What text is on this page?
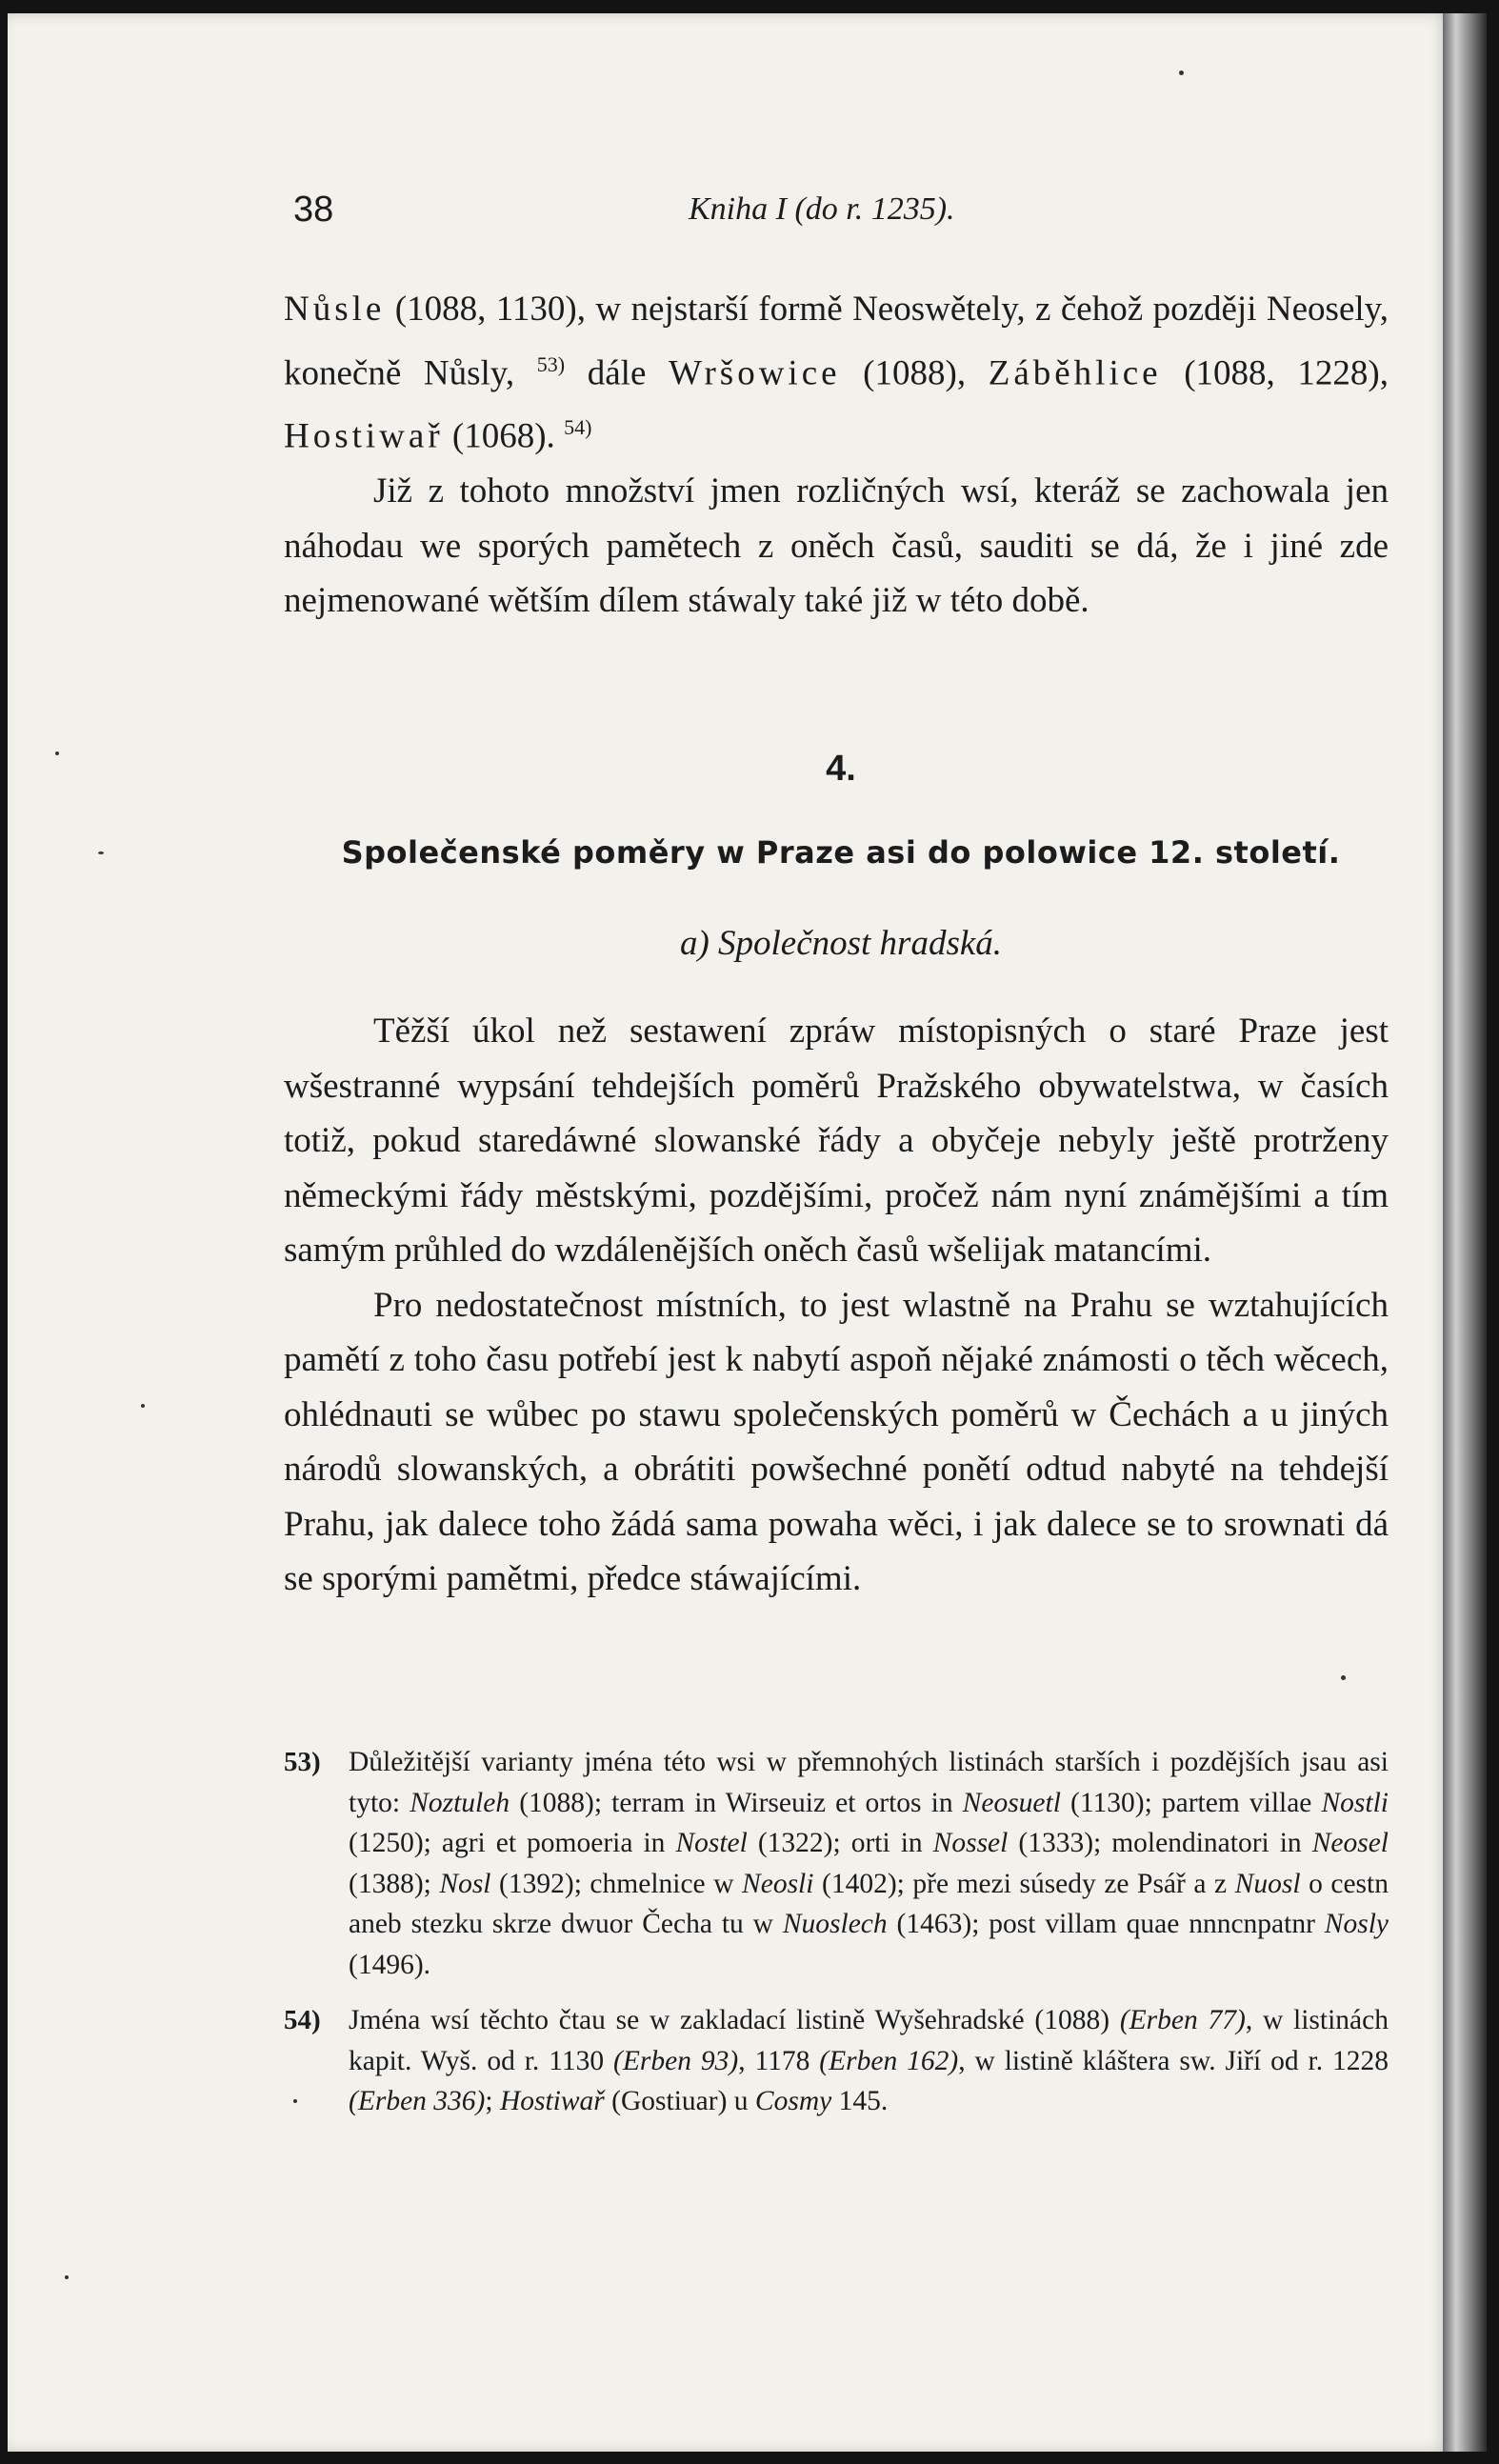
38	Kniha I (do r. 1235).

Nůsle (1088, 1130), w nejstarší formě Neoswětely, z čehož později Neosely, konečně Nůsly, $^{53)}$ dále Wršowice (1088), Záběhlice (1088, 1228), Hostiwař (1068). $^{54)}$

Již z tohoto množství jmen rozličných wsí, kteráž se zachowala jen náhodau we sporých pamětech z oněch časů, sauditi se dá, že i jiné zde nejmenowané wětším dílem stáwaly také již w této době.

4.
Společenské poměry w Praze asi do polowice 12. století.
a) Společnost hradská.

Těžší úkol než sestawení zpráw místopisných o staré Praze jest wšestranné wypsání tehdejších poměrů Pražského obywatelstwa, w časích totiž, pokud staredáwné slowanské řády a obyčeje nebyly ještě protrženy německými řády městskými, pozdějšími, pročež nám nyní známějšími a tím samým průhled do wzdálenějších oněch časů wšelijak matancími.

Pro nedostatečnost místních, to jest wlastně na Prahu se wztahujících pamětí z toho času potřebí jest k nabytí aspoň nějaké známosti o těch wěcech, ohlédnauti se wůbec po stawu společenských poměrů w Čechách a u jiných národů slowanských, a obrátiti powšechné ponětí odtud nabyté na tehdejší Prahu, jak dalece toho žádá sama powaha wěci, i jak dalece se to srownati dá se sporými pamětmi, předce stáwajícími.

53) Důležitější varianty jména této wsi w přemnohých listinách starších i pozdějších jsau asi tyto: Noztuleh (1088); terram in Wirseuiz et ortos in Neosuetl (1130); partem villae Nostli (1250); agri et pomoeria in Nostel (1322); orti in Nossel (1333); molendinatori in Neosel (1388); Nosl (1392); chmelnice w Neosli (1402); pře mezi súsedy ze Psář a z Nuosl o cestn aneb stezku skrze dwuor Čecha tu w Nuoslech (1463); post villam quae nnncnpatnr Nosly (1496).

54) Jména wsí těchto čtau se w zakladací listině Wyšehradské (1088) (Erben 77), w listinách kapit. Wyš. od r. 1130 (Erben 93), 1178 (Erben 162), w listině kláštera sw. Jiří od r. 1228 (Erben 336); Hostiwař (Gostiuar) u Cosmy 145.
